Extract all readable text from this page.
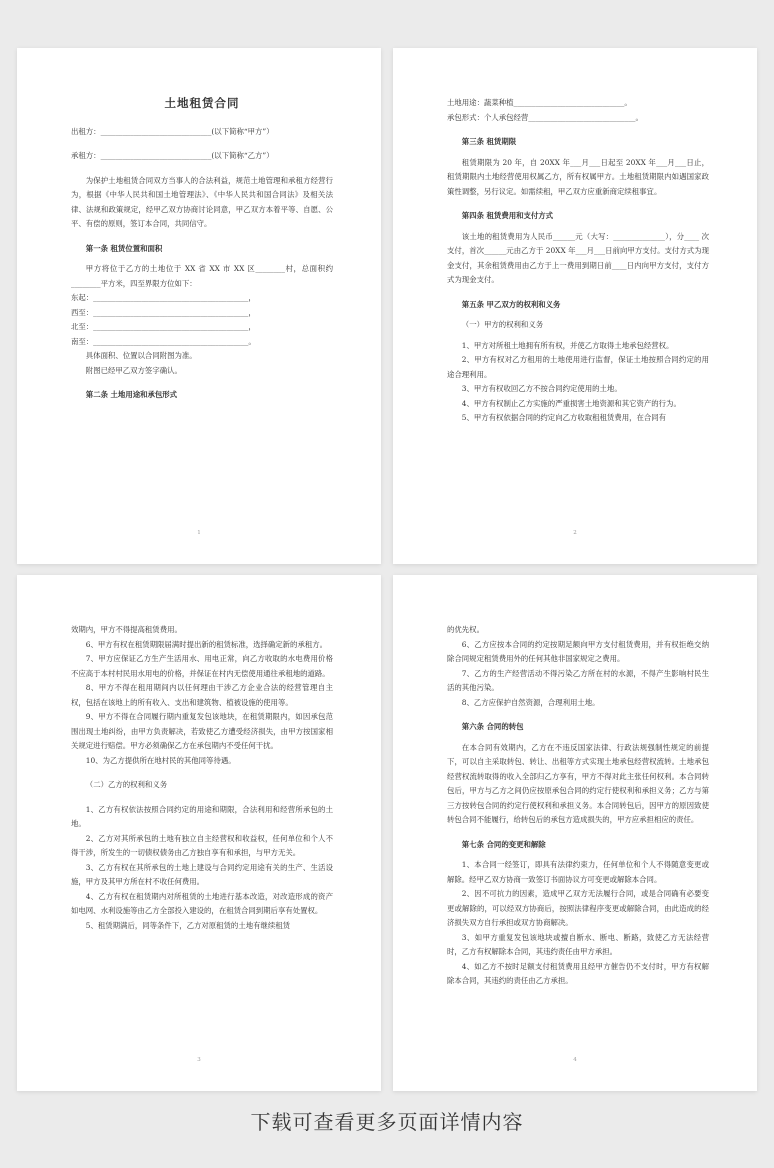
土地租赁合同

出租方：______________________________(以下简称“甲方”）

承租方：______________________________(以下简称“乙方”）

为保护土地租赁合同双方当事人的合法利益，规范土地管理和承租方经营行为，根据《中华人民共和国土地管理法》、《中华人民共和国合同法》及相关法律、法规和政策规定，经甲乙双方协商讨论同意，甲乙双方本着平等、自愿、公平、有偿的原则，签订本合同，共同信守。

第一条 租赁位置和面积

甲方将位于乙方的土地位于 XX 省 XX 市 XX 区________村，总面积约________平方米，四至界限方位如下：

东起：__________________________________________，

西至：__________________________________________，

北至：__________________________________________，

南至：__________________________________________。

具体面积、位置以合同附图为准。

附图已经甲乙双方签字确认。

第二条 土地用途和承包形式

1

土地用途：蔬菜种植______________________________。

承包形式：个人承包经营_____________________________。

第三条 租赁期限

租赁期限为 20 年，自 20XX 年___月___日起至 20XX 年___月___日止，租赁期限内土地经营使用权属乙方，所有权属甲方。土地租赁期限内如遇国家政策性调整，另行议定。如需续租，甲乙双方应重新商定续租事宜。

第四条 租赁费用和支付方式

该土地的租赁费用为人民币______元（大写：______________），分____ 次支付，首次______元由乙方于 20XX 年___月___日前向甲方支付。支付方式为现金支付，其余租赁费用由乙方于上一费用到期日前____日内向甲方支付，支付方式为现金支付。

第五条 甲乙双方的权利和义务

（一）甲方的权利和义务

1、甲方对所租土地拥有所有权，并使乙方取得土地承包经营权。

2、甲方有权对乙方租用的土地使用进行监督，保证土地按照合同约定的用途合理利用。

3、甲方有权收回乙方不按合同约定使用的土地。

4、甲方有权制止乙方实施的严重损害土地资源和其它资产的行为。

5、甲方有权依据合同的约定向乙方收取租租赁费用，在合同有

2

效期内，甲方不得提高租赁费用。

6、甲方有权在租赁期限届满时提出新的租赁标准，选择确定新的承租方。

7、甲方应保证乙方生产生活用水、用电正常，向乙方收取的水电费用价格不应高于本村村民用水用电的价格，并保证在村内无偿使用通往承租地的道路。

8、甲方不得在租用期间内以任何理由干涉乙方企业合法的经营管理自主权，包括在该地上的所有收入、支出和建筑物、植被设施的使用等。

9、甲方不得在合同履行期内重复发包该地块，在租赁期限内，如因承包范围出现土地纠纷，由甲方负责解决，若致使乙方遭受经济损失，由甲方按国家相关规定进行赔偿。甲方必须确保乙方在承包期内不受任何干扰。

10、为乙方提供所在地村民的其他同等待遇。

（二）乙方的权利和义务

1、乙方有权依法按照合同约定的用途和期限，合法利用和经营所承包的土地。

2、乙方对其所承包的土地有独立自主经营权和收益权，任何单位和个人不得干涉，所发生的一切债权债务由乙方独自享有和承担，与甲方无关。

3、乙方有权在其所承包的土地上建设与合同约定用途有关的生产、生活设施，甲方及其甲方所在村不收任何费用。

4、乙方有权在租赁期内对所租赁的土地进行基本改造，对改造形成的资产如电网、水利设施等由乙方全部投入建设的，在租赁合同到期后享有处置权。

5、租赁期满后，同等条件下，乙方对原租赁的土地有继续租赁

3

的优先权。

6、乙方应按本合同的约定按期足额向甲方支付租赁费用，并有权拒绝交纳除合同规定租赁费用外的任何其他非国家规定之费用。

7、乙方的生产经营活动不得污染乙方所在村的水源，不得产生影响村民生活的其他污染。

8、乙方应保护自然资源，合理利用土地。

第六条 合同的转包

在本合同有效期内，乙方在不违反国家法律、行政法规强制性规定的前提下，可以自主采取转包、转让、出租等方式实现土地承包经营权流转。土地承包经营权流转取得的收入全部归乙方享有，甲方不得对此主张任何权利。本合同转包后，甲方与乙方之间仍应按原承包合同的约定行使权利和承担义务；乙方与第三方按转包合同的约定行使权利和承担义务。本合同转包后，因甲方的原因致使转包合同不能履行，给转包后的承包方造成损失的，甲方应承担相应的责任。

第七条 合同的变更和解除

1、本合同一经签订，即具有法律约束力，任何单位和个人不得随意变更或解除。经甲乙双方协商一致签订书面协议方可变更或解除本合同。

2、因不可抗力的因素，造成甲乙双方无法履行合同，或是合同确有必要变更或解除的，可以经双方协商后，按照法律程序变更或解除合同，由此造成的经济损失双方自行承担或双方协商解决。

3、如甲方重复发包该地块或擅自断水、断电、断路，致使乙方无法经营时，乙方有权解除本合同，其违约责任由甲方承担。

4、如乙方不按时足额支付租赁费用且经甲方催告仍不支付时，甲方有权解除本合同，其违约的责任由乙方承担。

4
下载可查看更多页面详情内容
